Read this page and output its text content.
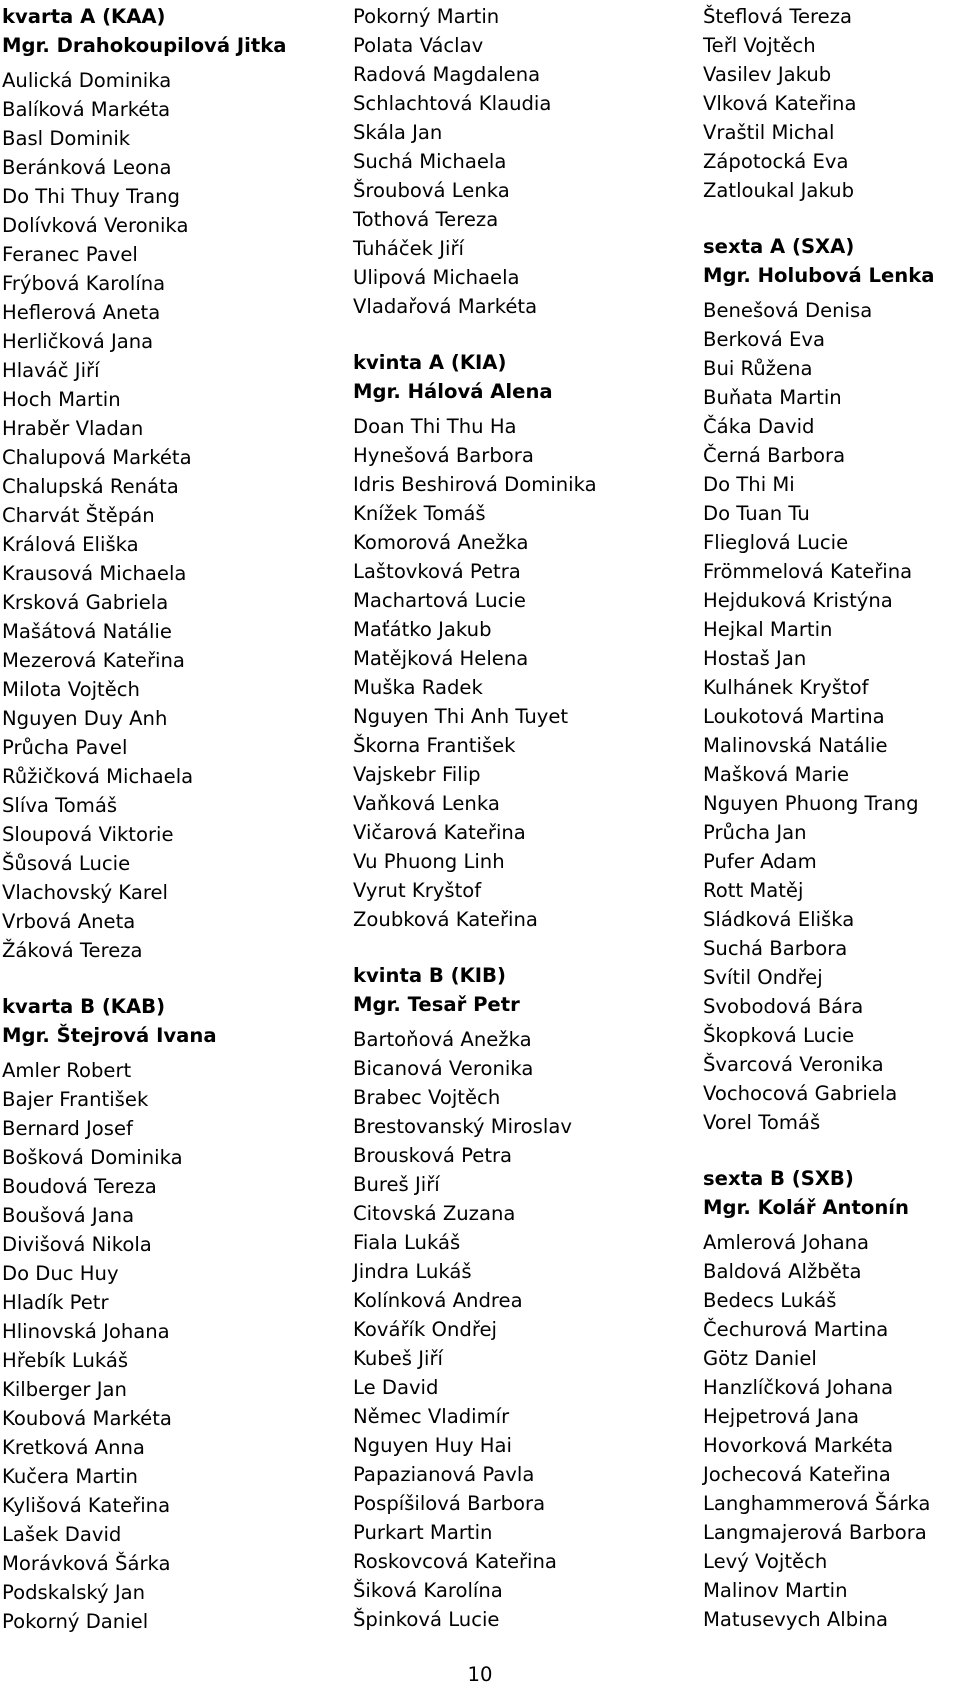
kvarta A (KAA)
Mgr. Drahokoupilová Jitka
Aulická Dominika
Balíková Markéta
Basl Dominik
Beránková Leona
Do Thi Thuy Trang
Dolívková Veronika
Feranec Pavel
Frýbová Karolína
Heflerová Aneta
Herličková Jana
Hlaváč Jiří
Hoch Martin
Hraběr Vladan
Chalupová Markéta
Chalupská Renáta
Charvát Štěpán
Králová Eliška
Krausová Michaela
Krsková Gabriela
Mašátová Natálie
Mezerová Kateřina
Milota Vojtěch
Nguyen Duy Anh
Průcha Pavel
Růžičková Michaela
Slíva Tomáš
Sloupová Viktorie
Šůsová Lucie
Vlachovský Karel
Vrbová Aneta
Žáková Tereza
kvarta B (KAB)
Mgr. Štejrová Ivana
Amler Robert
Bajer František
Bernard Josef
Bošková Dominika
Boudová Tereza
Boušová Jana
Divišová Nikola
Do Duc Huy
Hladík Petr
Hlinovská Johana
Hřebík Lukáš
Kilberger Jan
Koubová Markéta
Kretková Anna
Kučera Martin
Kylišová Kateřina
Lašek David
Morávková Šárka
Podskalský Jan
Pokorný Daniel
Pokorný Martin
Polata Václav
Radová Magdalena
Schlachtová Klaudia
Skála Jan
Suchá Michaela
Šroubová Lenka
Tothová Tereza
Tuháček Jiří
Ulipová Michaela
Vladařová Markéta
kvinta A (KIA)
Mgr. Hálová Alena
Doan Thi Thu Ha
Hynešová Barbora
Idris Beshirová Dominika
Knížek Tomáš
Komorová Anežka
Laštovková Petra
Machartová Lucie
Maťátko Jakub
Matějková Helena
Muška Radek
Nguyen Thi Anh Tuyet
Škorna František
Vajskebr Filip
Vaňková Lenka
Vičarová Kateřina
Vu Phuong Linh
Vyrut Kryštof
Zoubková Kateřina
kvinta B (KIB)
Mgr. Tesař Petr
Bartoňová Anežka
Bicanová Veronika
Brabec Vojtěch
Brestovanský Miroslav
Brousková Petra
Bureš Jiří
Citovská Zuzana
Fiala Lukáš
Jindra Lukáš
Kolínková Andrea
Kovářík Ondřej
Kubeš Jiří
Le David
Němec Vladimír
Nguyen Huy Hai
Papazianová Pavla
Pospíšilová Barbora
Purkart Martin
Roskovcová Kateřina
Šiková Karolína
Špinková Lucie
Šteflová Tereza
Teřl Vojtěch
Vasilev Jakub
Vlková Kateřina
Vraštil Michal
Zápotocká Eva
Zatloukal Jakub
sexta A (SXA)
Mgr. Holubová Lenka
Benešová Denisa
Berková Eva
Bui Růžena
Buňata Martin
Čáka David
Černá Barbora
Do Thi Mi
Do Tuan Tu
Flieglová Lucie
Frömmelová Kateřina
Hejduková Kristýna
Hejkal Martin
Hostaš Jan
Kulhánek Kryštof
Loukotová Martina
Malinovská Natálie
Mašková Marie
Nguyen Phuong Trang
Průcha Jan
Pufer Adam
Rott Matěj
Sládková Eliška
Suchá Barbora
Svítil Ondřej
Svobodová Bára
Škopková Lucie
Švarcová Veronika
Vochocová Gabriela
Vorel Tomáš
sexta B (SXB)
Mgr. Kolář Antonín
Amlerová Johana
Baldová Alžběta
Bedecs Lukáš
Čechurová Martina
Götz Daniel
Hanzlíčková Johana
Hejpetrová Jana
Hovorková Markéta
Jochecová Kateřina
Langhammerová Šárka
Langmajerová Barbora
Levý Vojtěch
Malinov Martin
Matusevych Albina
10
